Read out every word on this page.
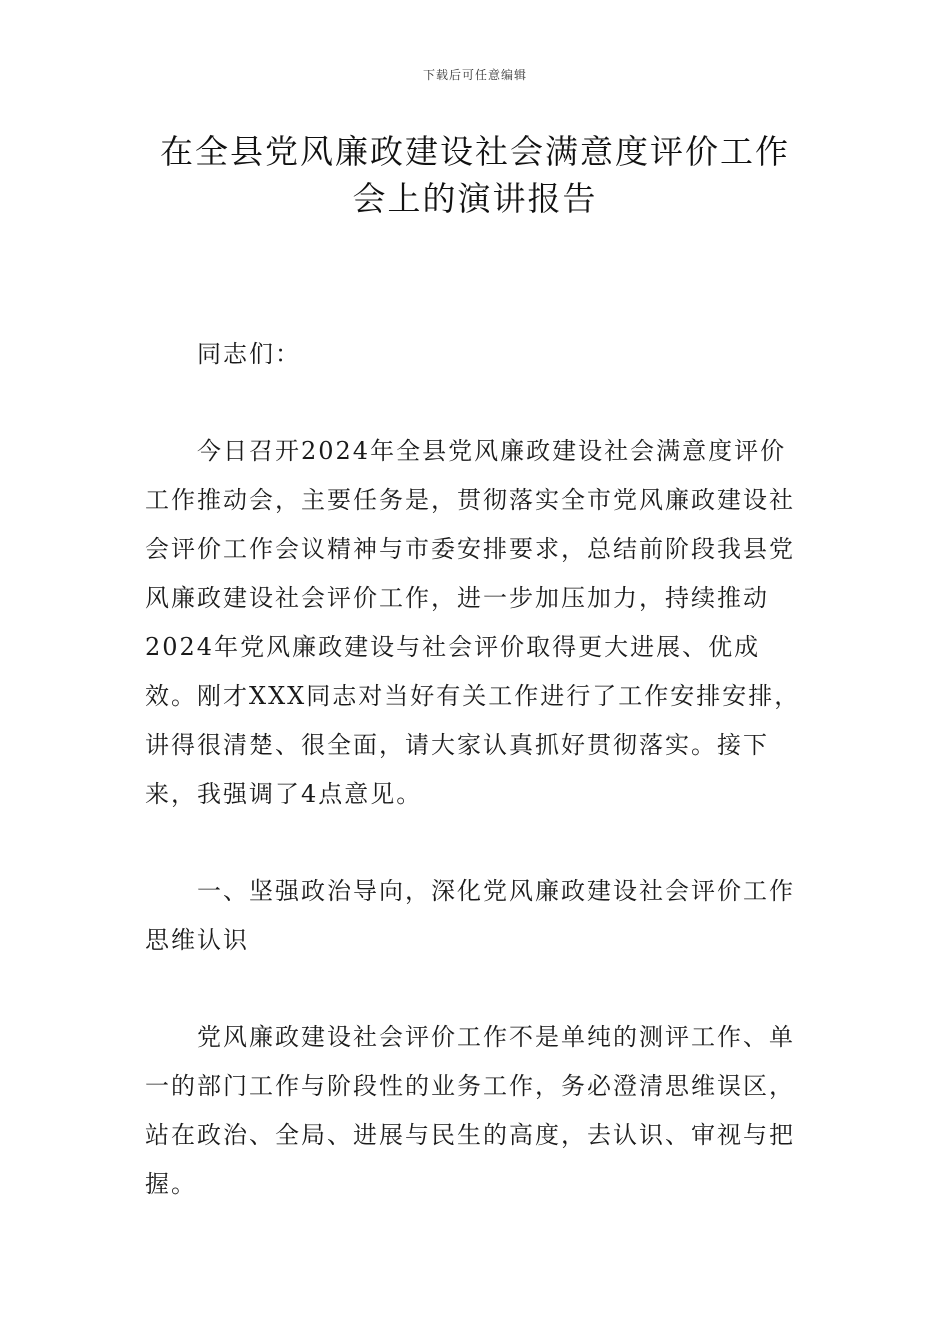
下载后可任意编辑
在全县党风廉政建设社会满意度评价工作
会上的演讲报告

同志们：

今日召开2024年全县党风廉政建设社会满意度评价工作推动会，主要任务是，贯彻落实全市党风廉政建设社会评价工作会议精神与市委安排要求，总结前阶段我县党风廉政建设社会评价工作，进一步加压加力，持续推动2024年党风廉政建设与社会评价取得更大进展、优成效。刚才XXX同志对当好有关工作进行了工作安排安排，讲得很清楚、很全面，请大家认真抓好贯彻落实。接下来，我强调了4点意见。

一、坚强政治导向，深化党风廉政建设社会评价工作思维认识

党风廉政建设社会评价工作不是单纯的测评工作、单一的部门工作与阶段性的业务工作，务必澄清思维误区，站在政治、全局、进展与民生的高度，去认识、审视与把握。
